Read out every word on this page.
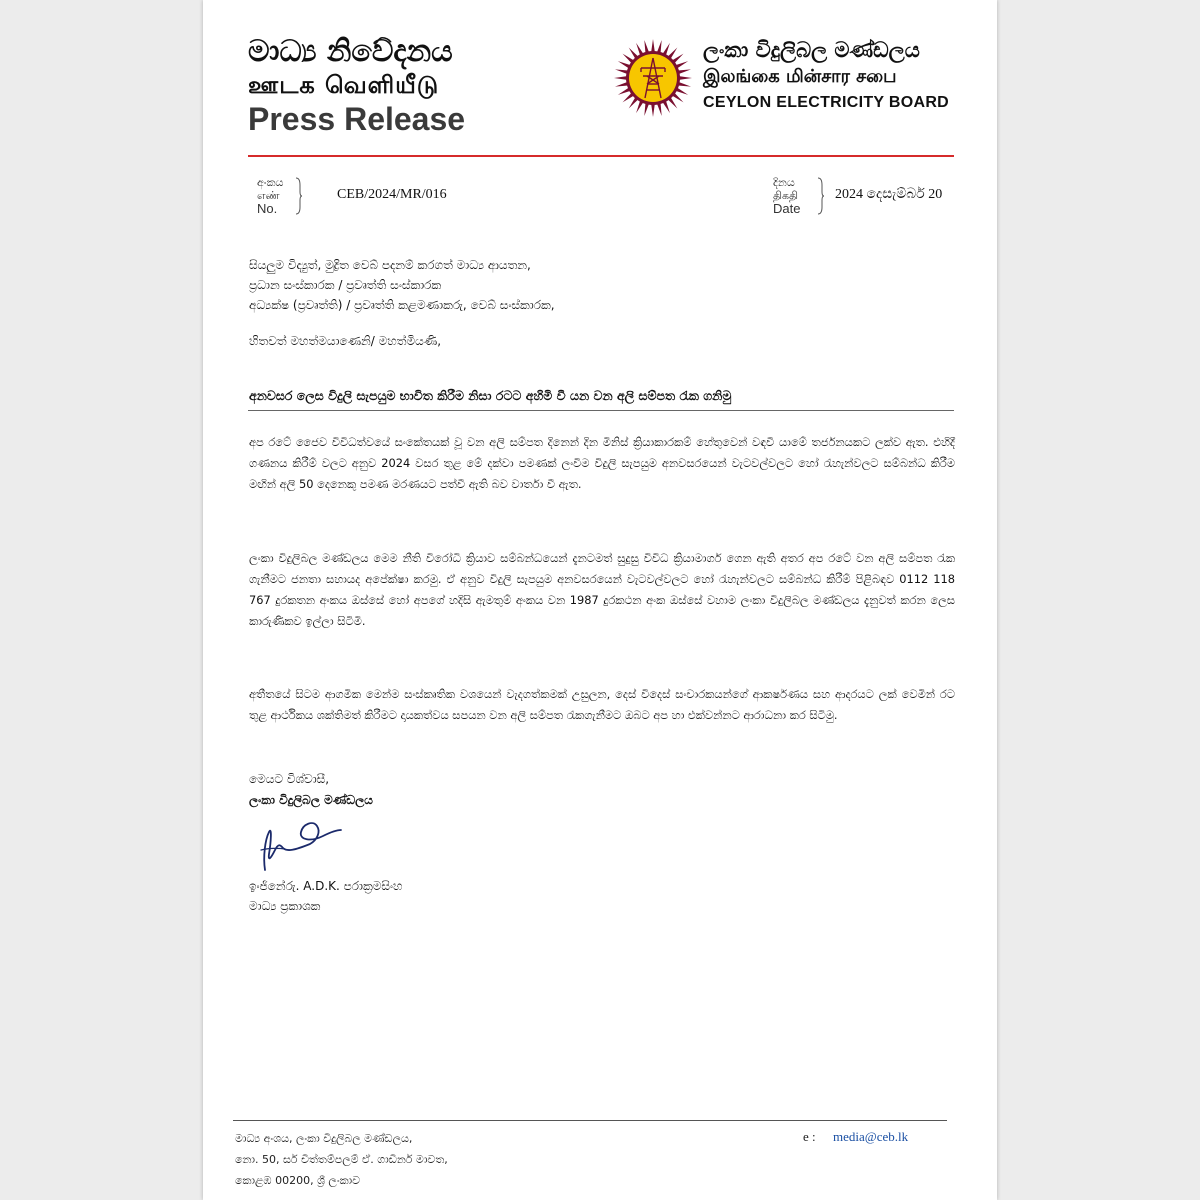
මාධ්‍ය නිවේදනය
ஊடக வெளியீடு
Press Release
ලංකා විදුලිබල මණ්ඩලය
இலங்கை மின்சார சபை
CEYLON ELECTRICITY BOARD
අංකය
எண்
No.
CEB/2024/MR/016
දිනය
திகதி
Date
2024 දෙසැම්බර් 20
සියලුම විද්‍යුත්, මුද්‍රිත වෙබ් පදනම් කරගත් මාධ්‍ය ආයතන,
ප්‍රධාන සංස්කාරක / ප්‍රවෘත්ති සංස්කාරක
අධ්‍යක්ෂ (ප්‍රවෘත්ති) / ප්‍රවෘත්ති කළමණාකරු, වෙබ් සංස්කාරක,
හිතවත් මහත්මයාණෙනි/ මහත්මියණි,
අනවසර ලෙස විදුලි සැපයුම භාවිත කිරීම නිසා රටට අහිමි වී යන වන අලි සම්පත රැක ගනිමු
අප රටේ ජෛව විවිධත්වයේ සංකේතයක් වූ වන අලි සම්පත දිනෙන් දින මිනිස් ක්‍රියාකාරකම් හේතුවෙන් වඳවී යාමේ තර්ජනයකට ලක්ව ඇත. එහිදී ගණනය කිරීම් වලට අනුව 2024 වසර තුළ මේ දක්වා පමණක් ලංවිම විදුලි සැපයුම අනවසරයෙන් වැටවල්වලට හෝ රැහැන්වලට සම්බන්ධ කිරීම මඟින් අලි 50 දෙනෙකු පමණ මරණයට පත්වී ඇති බව වාර්තා වී ඇත.
ලංකා විදුලිබල මණ්ඩලය මෙම නීති විරෝධි ක්‍රියාව සම්බන්ධයෙන් දැනටමත් සුදුසු විවිධ ක්‍රියාමාර්ග ගෙන ඇති අතර අප රටේ වන අලි සම්පත රැක ගැනීමට ජනතා සහායද අපේක්ෂා කරමු. ඒ අනුව විදුලි සැපයුම අනවසරයෙන් වැටවල්වලට හෝ රැහැන්වලට සම්බන්ධ කිරීම් පිළිබඳව 0112 118 767 දුරකතන අංකය ඔස්සේ හෝ අපගේ හදිසි ඇමතුම් අංකය වන 1987 දුරකථන අංක ඔස්සේ වහාම ලංකා විදුලිබල මණ්ඩලය දැනුවත් කරන ලෙස කාරුණිකව ඉල්ලා සිටිමි.
අතීතයේ සිටම ආගමික මෙන්ම සංස්කෘතික වශයෙන් වැදගත්කමක් උසුලන, දෙස් විදෙස් සංචාරකයන්ගේ ආකර්ෂණය සහ ආදරයට ලක් වෙමින් රට තුළ ආර්ථිකය ශක්තිමත් කිරීමට දායකත්වය සපයන වන අලි සම්පත රැකගැනීමට ඔබට අප හා එක්වන්නට ආරාධනා කර සිටිමු.
මෙයට විශ්වාසී,
ලංකා විදුලිබල මණ්ඩලය
ඉංජිනේරු. A.D.K. පරාක්‍රමසිංහ
මාධ්‍ය ප්‍රකාශක
මාධ්‍ය අංශය, ලංකා විදුලිබල මණ්ඩලය,
නො. 50, සර් චිත්තම්පලම් ඒ. ගාඩිනර් මාවත,
කොළඹ 00200, ශ්‍රී ලංකාව
e : media@ceb.lk
